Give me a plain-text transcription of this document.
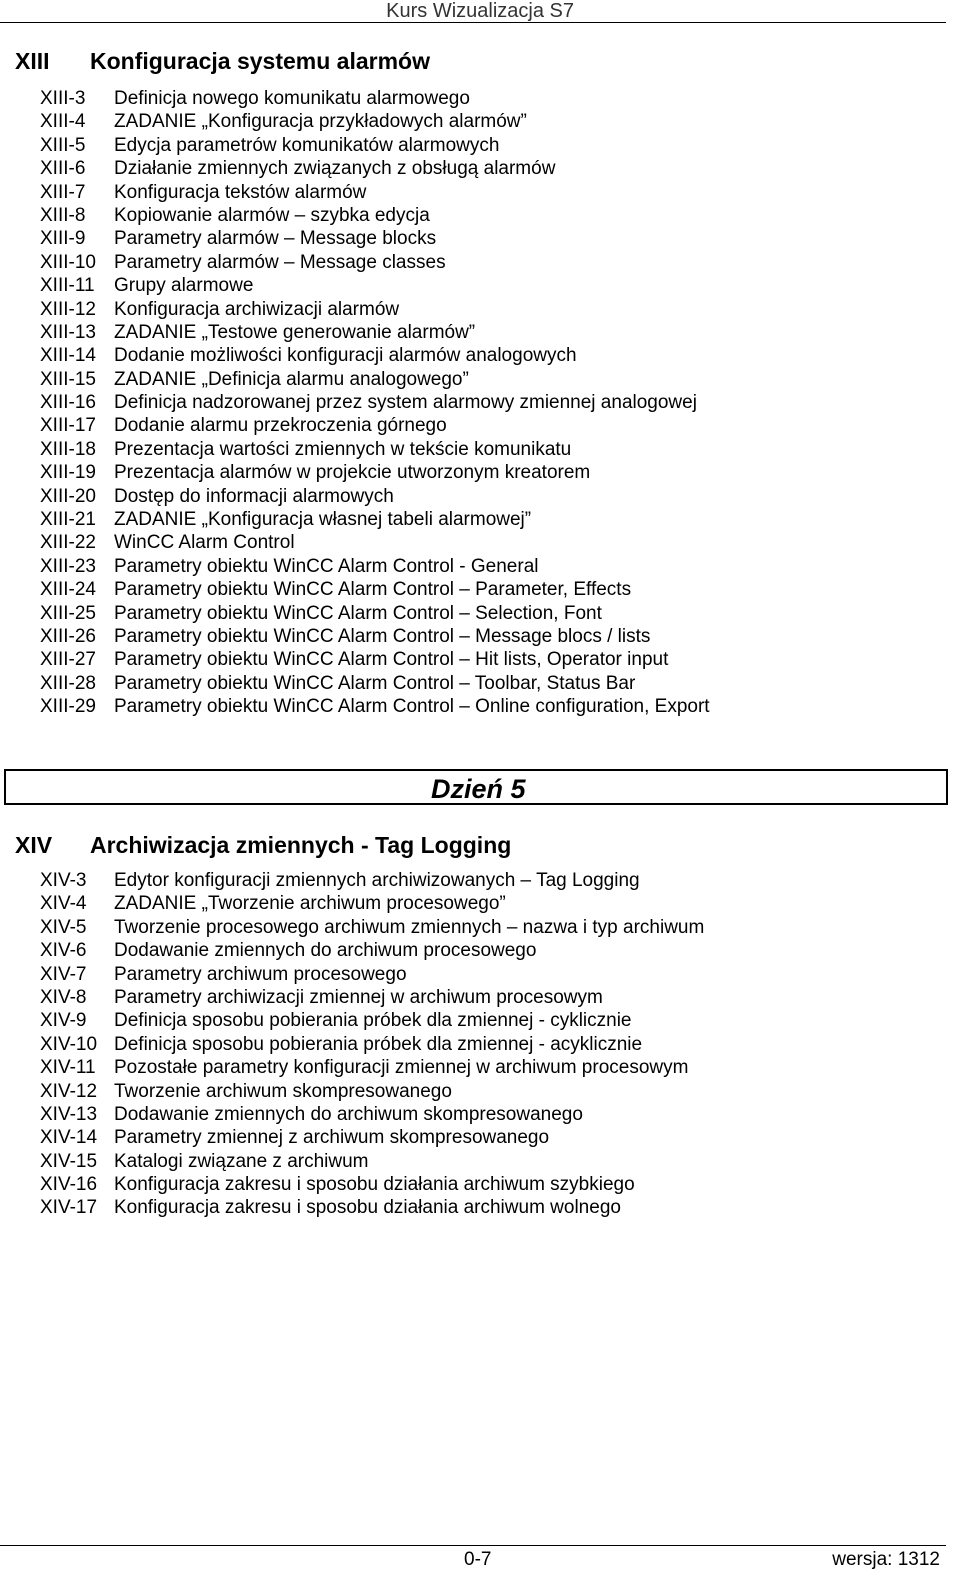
Kurs Wizualizacja S7
XIII Konfiguracja systemu alarmów
XIII-3 Definicja nowego komunikatu alarmowego
XIII-4 ZADANIE „Konfiguracja przykładowych alarmów”
XIII-5 Edycja parametrów komunikatów alarmowych
XIII-6 Działanie zmiennych związanych z obsługą alarmów
XIII-7 Konfiguracja tekstów alarmów
XIII-8 Kopiowanie alarmów – szybka edycja
XIII-9 Parametry alarmów – Message blocks
XIII-10 Parametry alarmów – Message classes
XIII-11 Grupy alarmowe
XIII-12 Konfiguracja archiwizacji alarmów
XIII-13 ZADANIE „Testowe generowanie alarmów”
XIII-14 Dodanie możliwości konfiguracji alarmów analogowych
XIII-15 ZADANIE „Definicja alarmu analogowego”
XIII-16 Definicja nadzorowanej przez system alarmowy zmiennej analogowej
XIII-17 Dodanie alarmu przekroczenia górnego
XIII-18 Prezentacja wartości zmiennych w tekście komunikatu
XIII-19 Prezentacja alarmów w projekcie utworzonym kreatorem
XIII-20 Dostęp do informacji alarmowych
XIII-21 ZADANIE „Konfiguracja własnej tabeli alarmowej”
XIII-22 WinCC Alarm Control
XIII-23 Parametry obiektu WinCC Alarm Control - General
XIII-24 Parametry obiektu WinCC Alarm Control – Parameter, Effects
XIII-25 Parametry obiektu WinCC Alarm Control – Selection, Font
XIII-26 Parametry obiektu WinCC Alarm Control – Message blocs / lists
XIII-27 Parametry obiektu WinCC Alarm Control – Hit lists, Operator input
XIII-28 Parametry obiektu WinCC Alarm Control – Toolbar, Status Bar
XIII-29 Parametry obiektu WinCC Alarm Control – Online configuration, Export
Dzień 5
XIV Archiwizacja zmiennych - Tag Logging
XIV-3 Edytor konfiguracji zmiennych archiwizowanych – Tag Logging
XIV-4 ZADANIE „Tworzenie archiwum procesowego”
XIV-5 Tworzenie procesowego archiwum zmiennych – nazwa i typ archiwum
XIV-6 Dodawanie zmiennych do archiwum procesowego
XIV-7 Parametry archiwum procesowego
XIV-8 Parametry archiwizacji zmiennej w archiwum procesowym
XIV-9 Definicja sposobu pobierania próbek dla zmiennej - cyklicznie
XIV-10 Definicja sposobu pobierania próbek dla zmiennej - acyklicznie
XIV-11 Pozostałe parametry konfiguracji zmiennej w archiwum procesowym
XIV-12 Tworzenie archiwum skompresowanego
XIV-13 Dodawanie zmiennych do archiwum skompresowanego
XIV-14 Parametry zmiennej z archiwum skompresowanego
XIV-15 Katalogi związane z archiwum
XIV-16 Konfiguracja zakresu i sposobu działania archiwum szybkiego
XIV-17 Konfiguracja zakresu i sposobu działania archiwum wolnego
0-7	wersja: 1312
